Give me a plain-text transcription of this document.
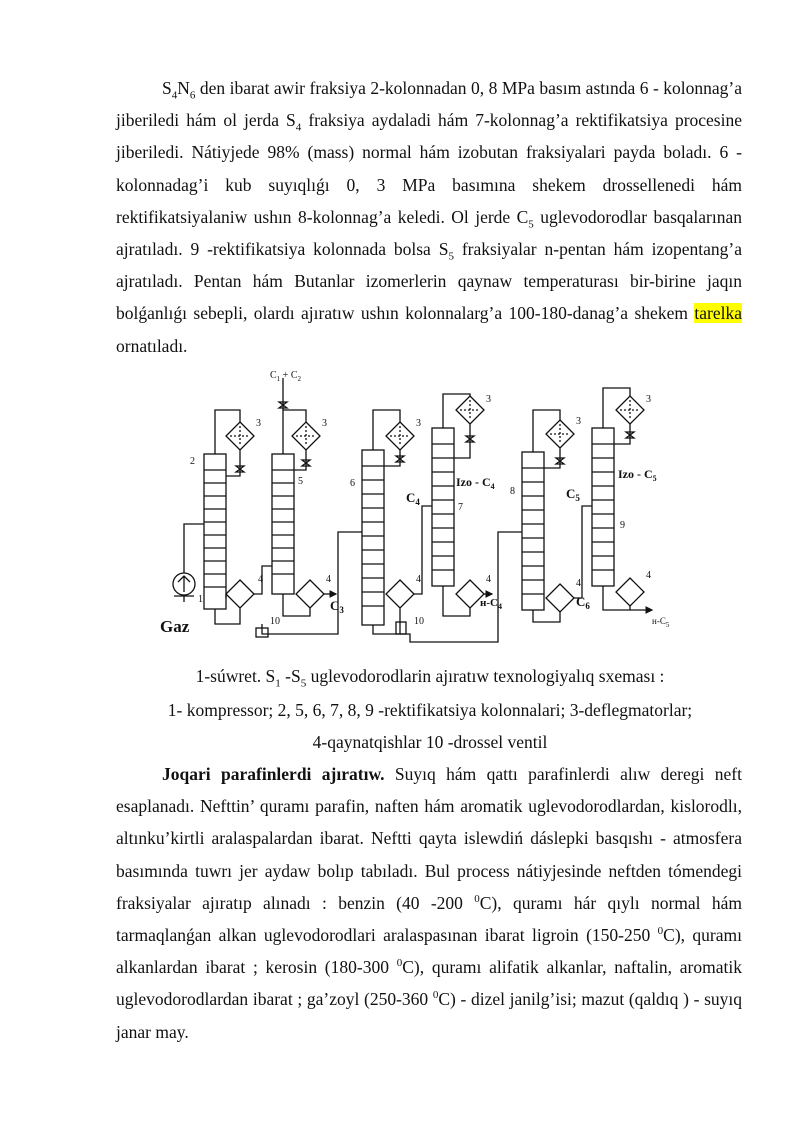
$S_4N_6$ den ibarat awir fraksiya 2-kolonnadan 0, 8 MPa basım astında 6 - kolonnag’a jiberiledi hám ol jerda $S_4$ fraksiya aydaladi hám 7-kolonnag’a rektifikatsiya procesine jiberiledi. Nátiyjede 98% (mass) normal hám izobutan fraksiyalari payda boladı. 6 -kolonnadag’i kub suyıqlıǵı 0, 3 MPa basımına shekem drossellenedi hám rektifikatsiyalaniw ushın 8-kolonnag’a keledi. Ol jerde $C_5$ uglevodorodlar basqalarınan ajratıladı. 9 -rektifikatsiya kolonnada bolsa $S_5$ fraksiyalar n-pentan hám izopentang’a ajratıladı. Pentan hám Butanlar izomerlerin qaynaw temperaturası bir-birine jaqın bolǵanlıǵı sebepli, olardı ajıratıw ushın kolonnalarg’a 100-180-danag’a shekem tarelka ornatıladı.

$C_1 + C_2$
3	3	3
3
3
3
2
5	6
7
8
9
4	4	4	4	4
4
1
10	10
Gaz
$C_3$
$C_4$
Izo - $C_4$
$н-C_4$
$C_5$
Izo - $C_5$
$C_6$
$н-C_5$
1-súwret. $S_1$ $-S_5$ uglevodorodlarin ajıratıw texnologiyalıq sxeması :
1- kompressor; 2, 5, 6, 7, 8, 9 -rektifikatsiya kolonnalari; 3-deflegmatorlar;
4-qaynatqishlar 10 -drossel ventil

Joqari parafinlerdi ajıratıw. Suyıq hám qattı parafinlerdi alıw deregi neft esaplanadı. Nefttin’ quramı parafin, naften hám aromatik uglevodorodlardan, kislorodlı, altınku’kirtli aralaspalardan ibarat. Neftti qayta islewdiń dáslepki basqıshı - atmosfera basımında tuwrı jer aydaw bolıp tabıladı. Bul process nátiyjesinde neftden tómendegi fraksiyalar ajıratıp alınadı : benzin (40 -200 $^0$C), quramı hár qıylı normal hám tarmaqlanǵan alkan uglevodorodlari aralaspasınan ibarat ligroin (150-250 $^0$C), quramı alkanlardan ibarat ; kerosin (180-300 $^0$C), quramı alifatik alkanlar, naftalin, aromatik uglevodorodlardan ibarat ; ga’zoyl (250-360 $^0$C) - dizel janilg’isi; mazut (qaldıq ) - suyıq janar may.
